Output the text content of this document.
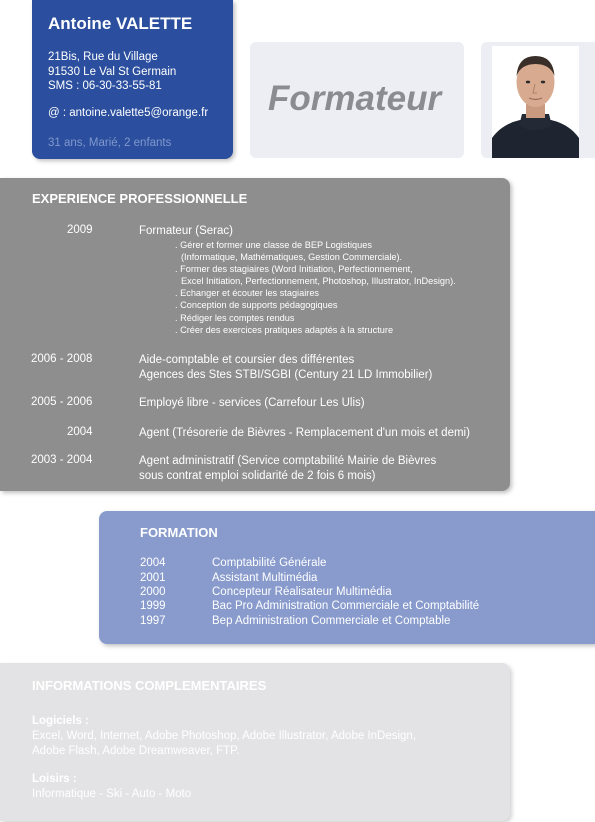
Antoine VALETTE
21Bis, Rue du Village
91530 Le Val St Germain
SMS : 06-30-33-55-81
@ : antoine.valette5@orange.fr
31 ans, Marié, 2 enfants
Formateur
EXPERIENCE PROFESSIONNELLE
2009	Formateur (Serac)
. Gérer et former une classe de BEP Logistiques
(Informatique, Mathématiques, Gestion Commerciale).
. Former des stagiaires (Word Initiation, Perfectionnement,
Excel Initiation, Perfectionnement, Photoshop, Illustrator, InDesign).
. Echanger et écouter les stagiaires
. Conception de supports pédagogiques
. Rédiger les comptes rendus
. Créer des exercices pratiques adaptés à la structure
2006 - 2008	Aide-comptable et coursier des différentes
Agences des Stes STBI/SGBI (Century 21 LD Immobilier)
2005 - 2006	Employé libre - services (Carrefour Les Ulis)
2004	Agent (Trésorerie de Bièvres - Remplacement d'un mois et demi)
2003 - 2004	Agent administratif (Service comptabilité Mairie de Bièvres
sous contrat emploi solidarité de 2 fois 6 mois)
FORMATION
2004	Comptabilité Générale
2001	Assistant Multimédia
2000	Concepteur Réalisateur Multimédia
1999	Bac Pro Administration Commerciale et Comptabilité
1997	Bep Administration Commerciale et Comptable
INFORMATIONS COMPLEMENTAIRES
Logiciels :
Excel, Word, Internet, Adobe Photoshop, Adobe Illustrator, Adobe InDesign,
Adobe Flash, Adobe Dreamweaver, FTP.
Loisirs :
Informatique - Ski - Auto - Moto
